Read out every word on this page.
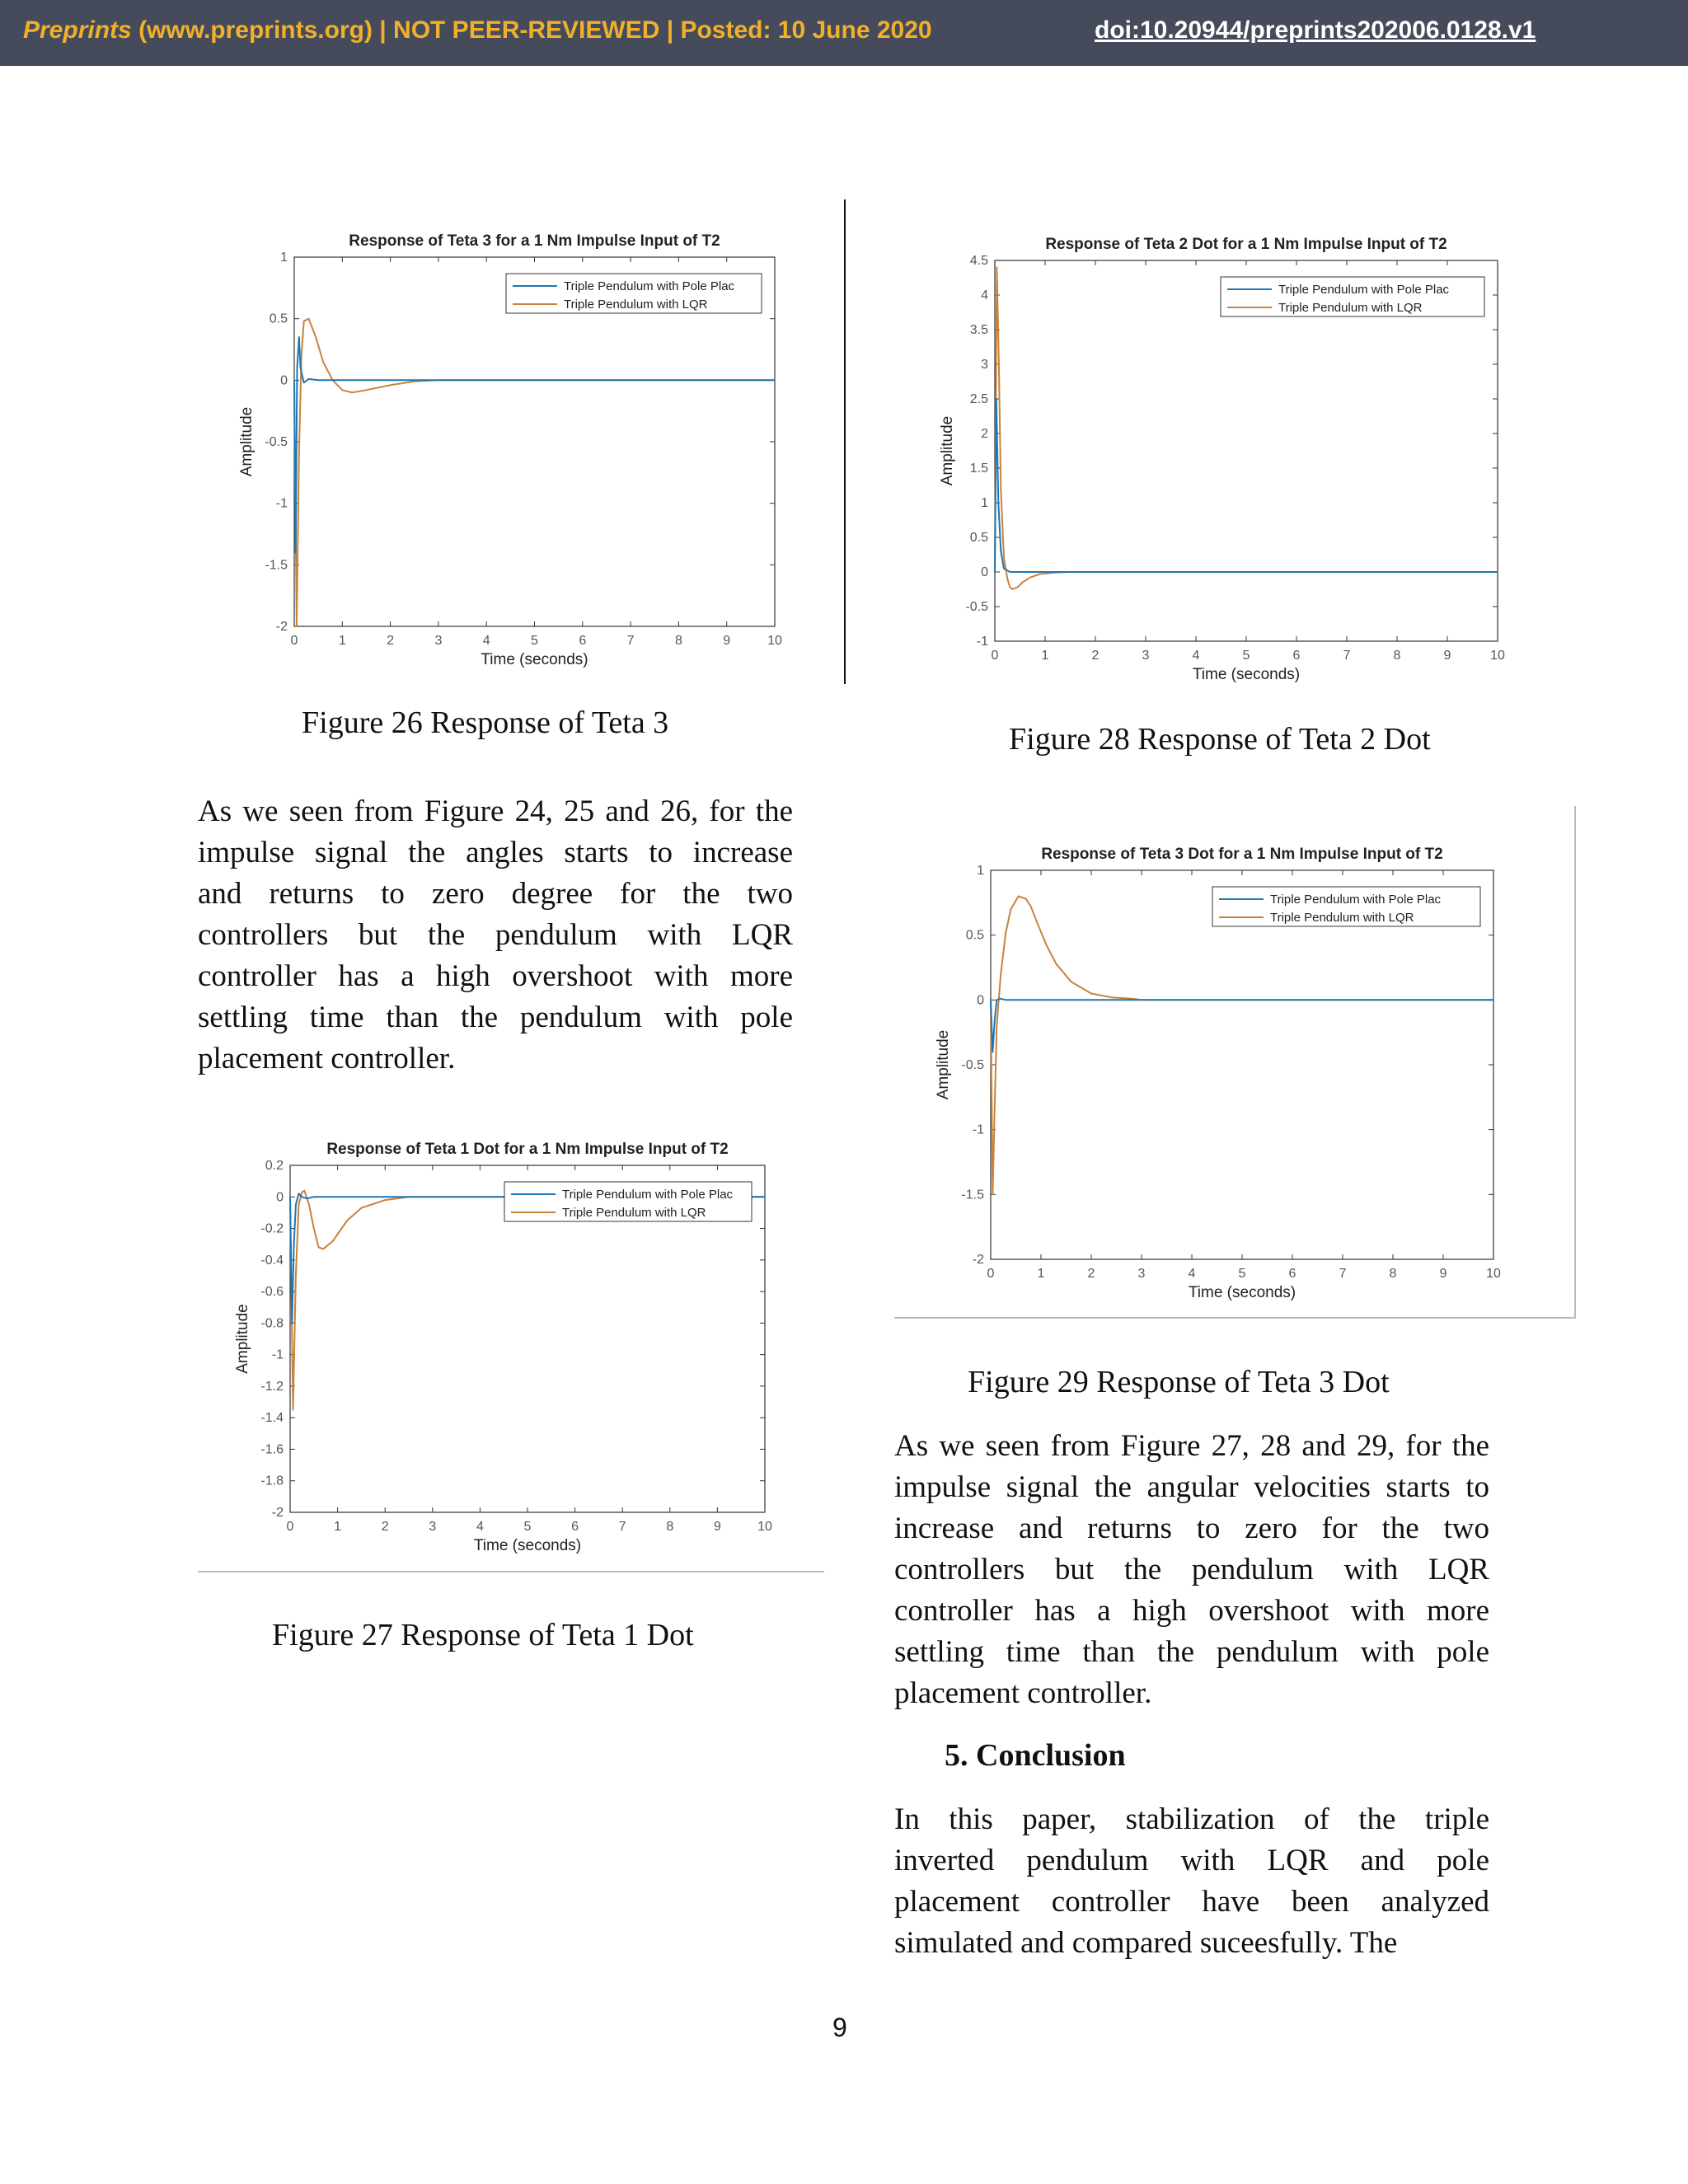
Preprints (www.preprints.org) | NOT PEER-REVIEWED | Posted: 10 June 2020	doi:10.20944/preprints202006.0128.v1
Response of Teta 3 for a 1 Nm Impulse Input of T2
0	1	2	3	4	5	6	7	8	9	10
1
0.5
0
-0.5
-1
-1.5
-2
Time (seconds)
Amplitude
Triple Pendulum with Pole Plac
Triple Pendulum with LQR
Figure 26 Response of Teta 3
Response of Teta 2 Dot for a 1 Nm Impulse Input of T2
0	1	2	3	4	5	6	7	8	9	10
4.5
4
3.5
3
2.5
2
1.5
1
0.5
0
-0.5
-1
Time (seconds)
Amplitude
Triple Pendulum with Pole Plac
Triple Pendulum with LQR
Figure 28 Response of Teta 2 Dot
As we seen from Figure 24, 25 and 26, for the
impulse signal the angles starts to increase
and returns to zero degree for the two
controllers but the pendulum with LQR
controller has a high overshoot with more
settling time than the pendulum with pole
placement controller.
Response of Teta 3 Dot for a 1 Nm Impulse Input of T2
0	1	2	3	4	5	6	7	8	9	10
1
0.5
0
-0.5
-1
-1.5
-2
Time (seconds)
Amplitude
Triple Pendulum with Pole Plac
Triple Pendulum with LQR
Figure 29 Response of Teta 3 Dot
Response of Teta 1 Dot for a 1 Nm Impulse Input of T2
0	1	2	3	4	5	6	7	8	9	10
0.2
0
-0.2
-0.4
-0.6
-0.8
-1
-1.2
-1.4
-1.6
-1.8
-2
Time (seconds)
Amplitude
Triple Pendulum with Pole Plac
Triple Pendulum with LQR
Figure 27 Response of Teta 1 Dot
As we seen from Figure 27, 28 and 29, for the
impulse signal the angular velocities starts to
increase and returns to zero for the two
controllers but the pendulum with LQR
controller has a high overshoot with more
settling time than the pendulum with pole
placement controller.
5. Conclusion
In this paper, stabilization of the triple
inverted pendulum with LQR and pole
placement controller have been analyzed
simulated and compared suceesfully. The
9
